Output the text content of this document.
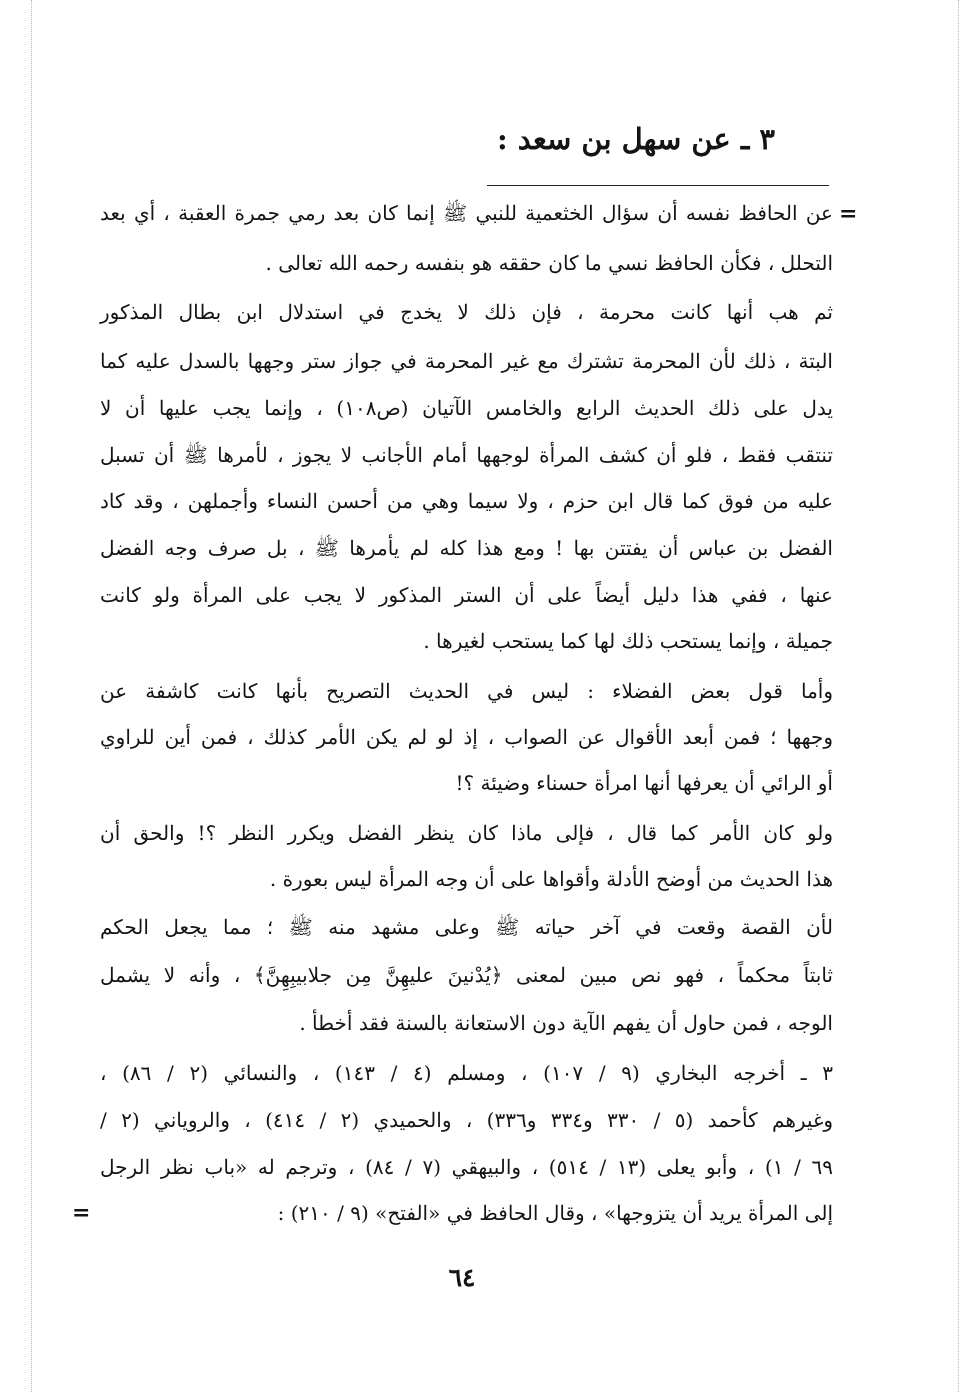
٣ ـ عن سهل بن سعد :
=
عن الحافظ نفسه أن سؤال الخثعمية للنبي ﷺ إنما كان بعد رمي جمرة العقبة ، أي بعد
التحلل ، فكأن الحافظ نسي ما كان حققه هو بنفسه رحمه الله تعالى .
ثم هب أنها كانت محرمة ، فإن ذلك لا يخدج في استدلال ابن بطال المذكور
البتة ، ذلك لأن المحرمة تشترك مع غير المحرمة في جواز ستر وجهها بالسدل عليه كما
يدل على ذلك الحديث الرابع والخامس الآتيان (ص١٠٨) ، وإنما يجب عليها أن لا
تنتقب فقط ، فلو أن كشف المرأة لوجهها أمام الأجانب لا يجوز ، لأمرها ﷺ أن تسبل
عليه من فوق كما قال ابن حزم ، ولا سيما وهي من أحسن النساء وأجملهن ، وقد كاد
الفضل بن عباس أن يفتتن بها ! ومع هذا كله لم يأمرها ﷺ ، بل صرف وجه الفضل
عنها ، ففي هذا دليل أيضاً على أن الستر المذكور لا يجب على المرأة ولو كانت
جميلة ، وإنما يستحب ذلك لها كما يستحب لغيرها .
وأما قول بعض الفضلاء : ليس في الحديث التصريح بأنها كانت كاشفة عن
وجهها ؛ فمن أبعد الأقوال عن الصواب ، إذ لو لم يكن الأمر كذلك ، فمن أين للراوي
أو الرائي أن يعرفها أنها امرأة حسناء وضيئة ؟!
ولو كان الأمر كما قال ، فإلى ماذا كان ينظر الفضل ويكرر النظر ؟! والحق أن
هذا الحديث من أوضح الأدلة وأقواها على أن وجه المرأة ليس بعورة .
لأن القصة وقعت في آخر حياته ﷺ وعلى مشهد منه ﷺ ؛ مما يجعل الحكم
ثابتاً محكماً ، فهو نص مبين لمعنى ﴿يُدْنينَ عليهِنَّ مِن جلابيبِهِنَّ﴾ ، وأنه لا يشمل
الوجه ، فمن حاول أن يفهم الآية دون الاستعانة بالسنة فقد أخطأ .
٣ ـ أخرجه البخاري (٩ / ١٠٧) ، ومسلم (٤ / ١٤٣) ، والنسائي (٢ / ٨٦) ،
وغيرهم كأحمد (٥ / ٣٣٠ و٣٣٤ و٣٣٦) ، والحميدي (٢ / ٤١٤) ، والروياني (٢ /
٦٩ / ١) ، وأبو يعلى (١٣ / ٥١٤) ، والبيهقي (٧ / ٨٤) ، وترجم له «باب نظر الرجل
إلى المرأة يريد أن يتزوجها» ، وقال الحافظ في «الفتح» (٩ / ٢١٠) :
=
٦٤
